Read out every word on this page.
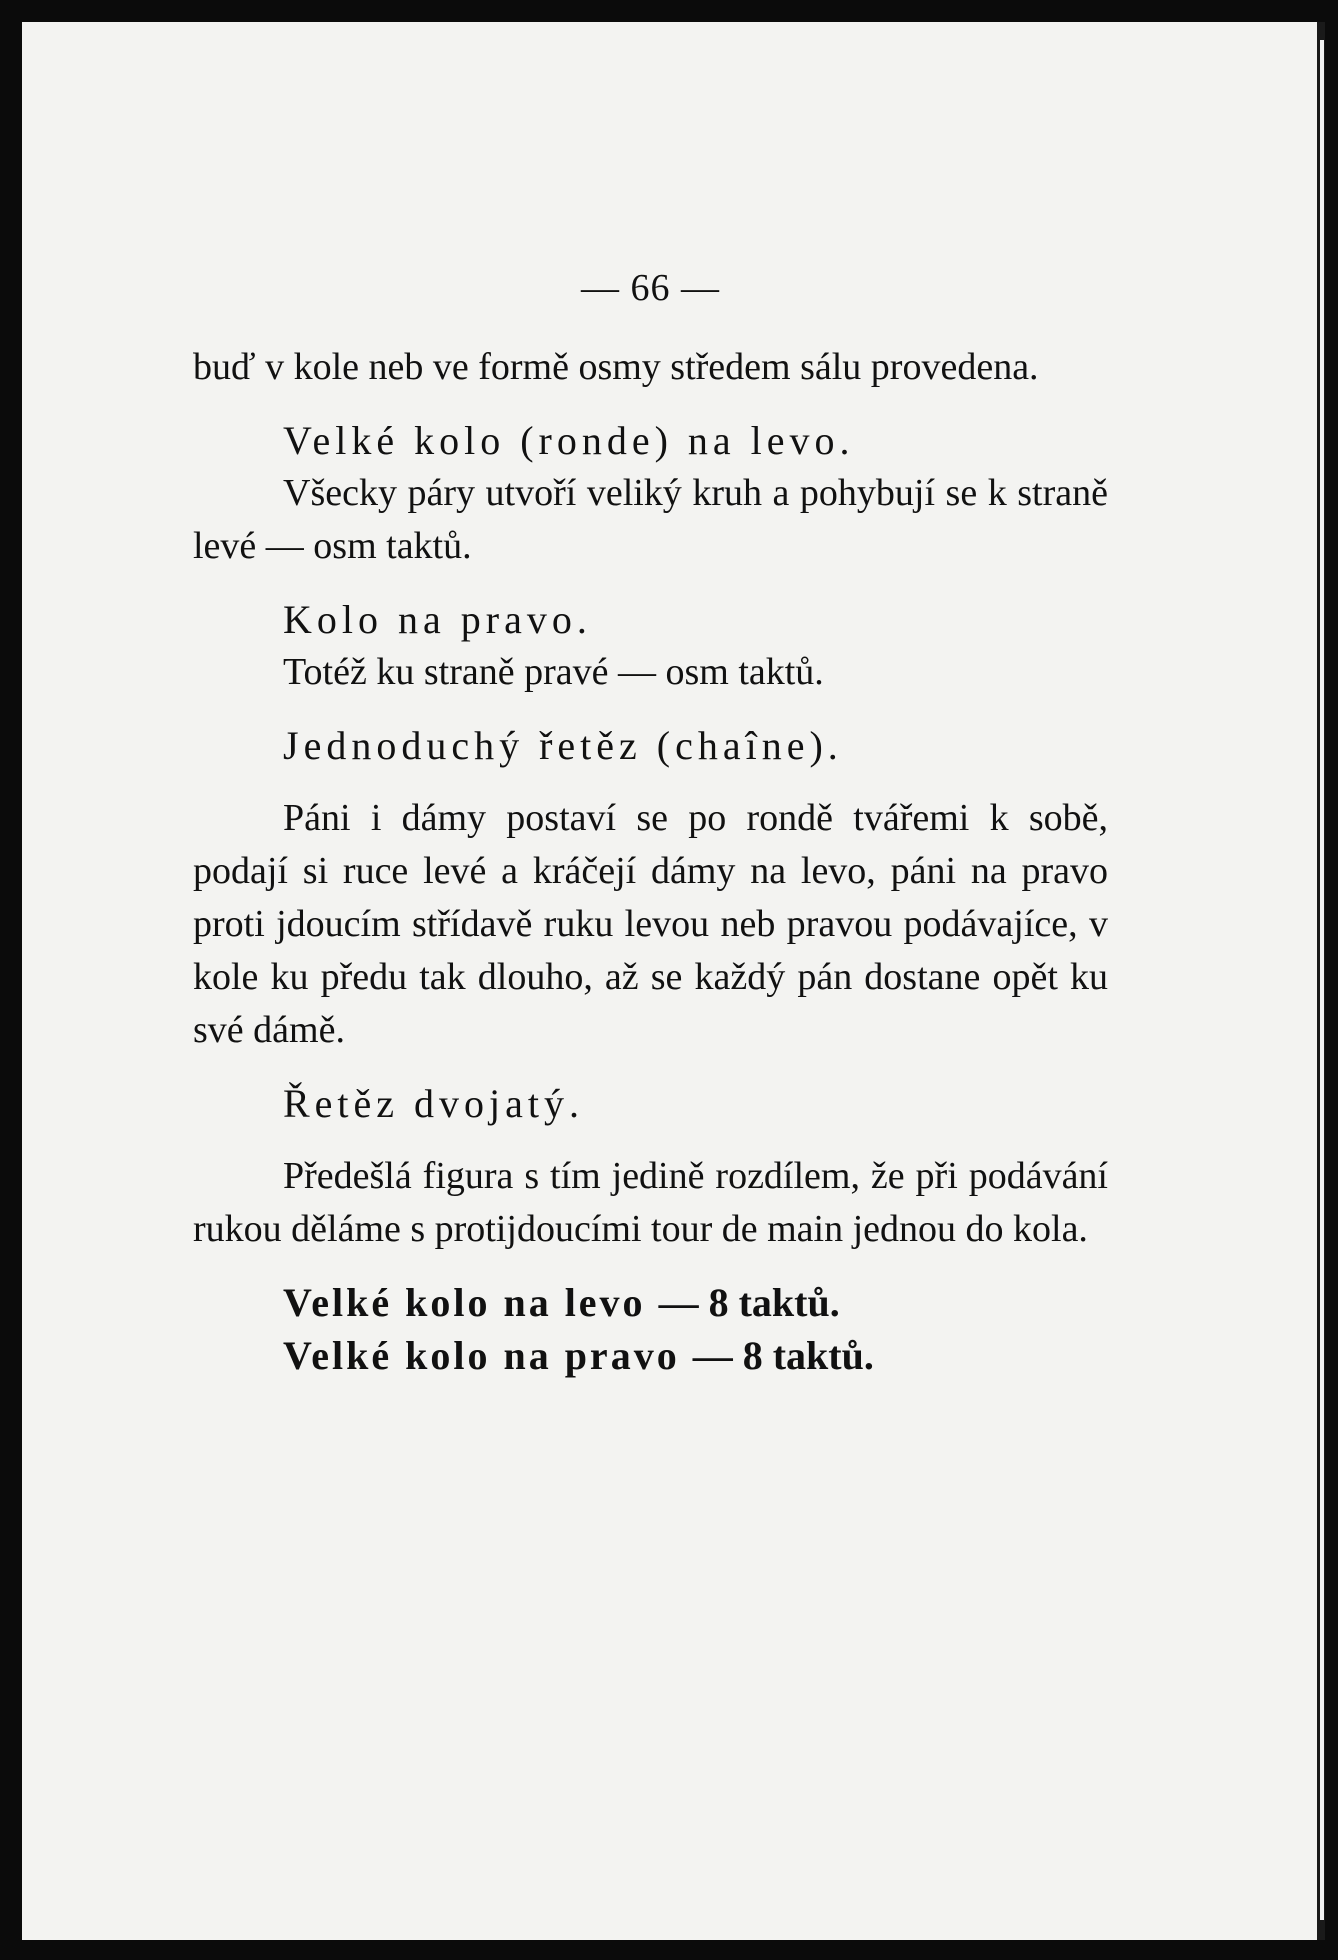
— 66 —

buď v kole neb ve formě osmy středem sálu provedena.

Velké kolo (ronde) na levo.

Všecky páry utvoří veliký kruh a pohybují se k straně levé — osm taktů.

Kolo na pravo.

Totéž ku straně pravé — osm taktů.

Jednoduchý řetěz (chaîne).

Páni i dámy postaví se po rondě tvářemi k sobě, podají si ruce levé a kráčejí dámy na levo, páni na pravo proti jdoucím střídavě ruku levou neb pravou podávajíce, v kole ku předu tak dlouho, až se každý pán dostane opět ku své dámě.

Řetěz dvojatý.

Předešlá figura s tím jedině rozdílem, že při podávání rukou děláme s protijdoucími tour de main jednou do kola.

Velké kolo na levo — 8 taktů.

Velké kolo na pravo — 8 taktů.
